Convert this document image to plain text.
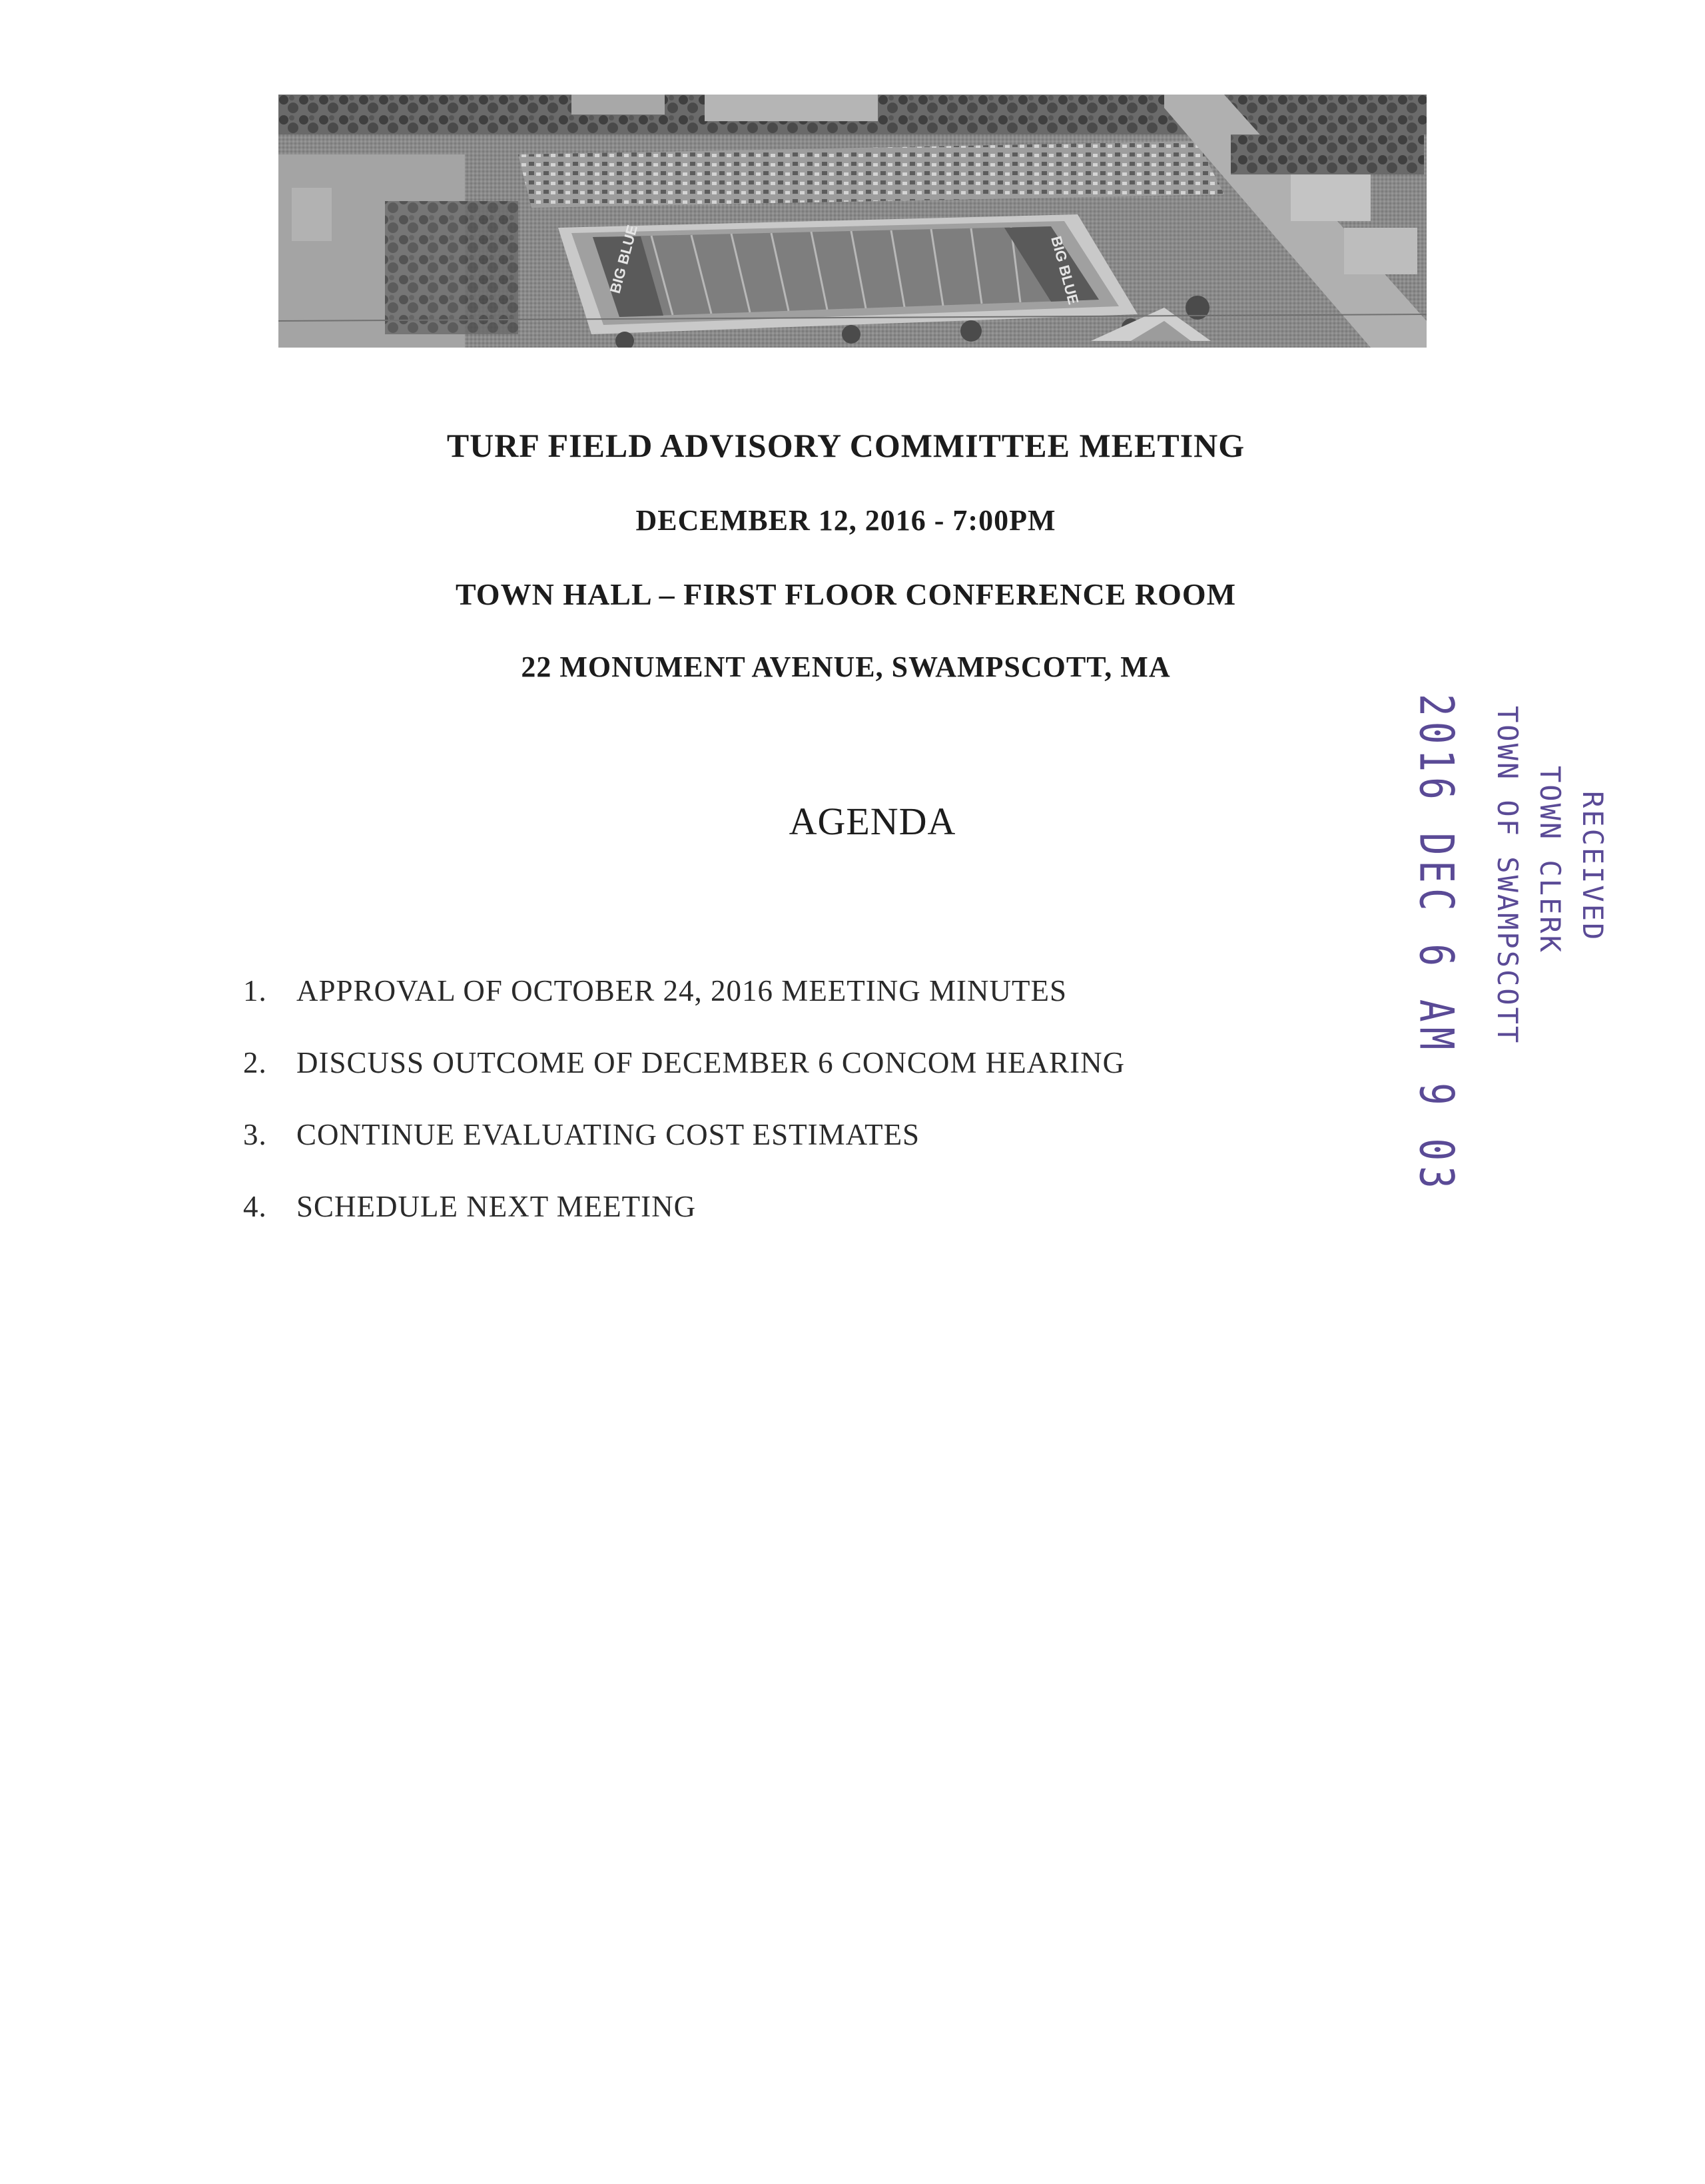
BIG BLUE	BIG BLUE
TURF FIELD ADVISORY COMMITTEE MEETING
DECEMBER 12, 2016 - 7:00PM
TOWN HALL – FIRST FLOOR CONFERENCE ROOM
22 MONUMENT AVENUE, SWAMPSCOTT, MA
AGENDA
1. APPROVAL OF OCTOBER 24, 2016 MEETING MINUTES
2. DISCUSS OUTCOME OF DECEMBER 6 CONCOM HEARING
3. CONTINUE EVALUATING COST ESTIMATES
4. SCHEDULE NEXT MEETING
RECEIVED
TOWN CLERK
TOWN OF SWAMPSCOTT
2016 DEC 6 AM 9 03
